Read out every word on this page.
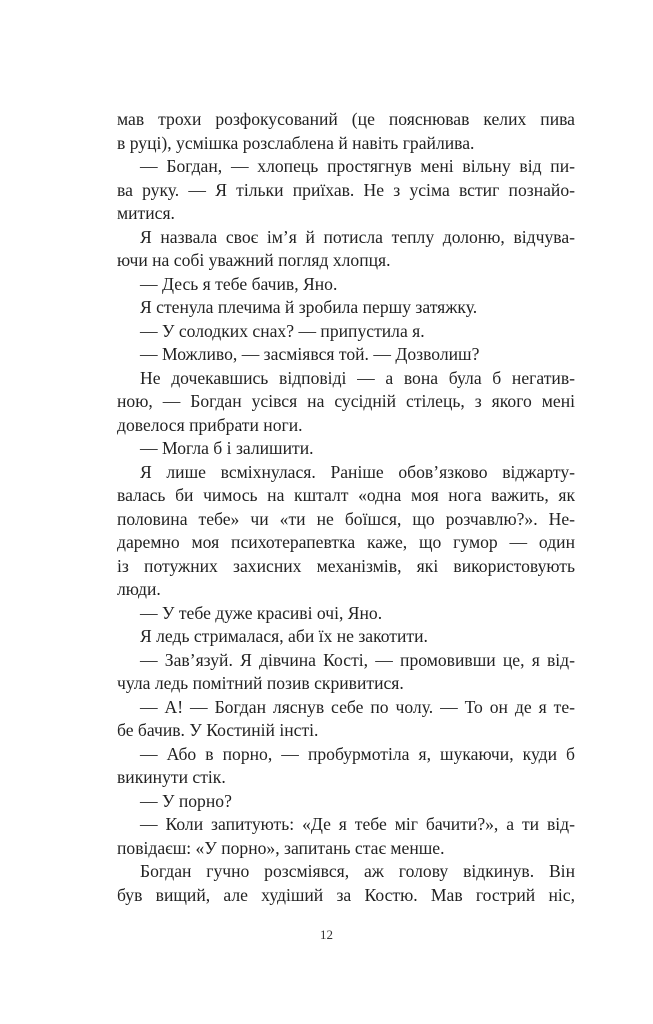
мав трохи розфокусований (це пояснював келих пива
в руці), усмішка розслаблена й навіть грайлива.
— Богдан, — хлопець простягнув мені вільну від пи-
ва руку. — Я тільки приїхав. Не з усіма встиг познайо-
митися.
Я назвала своє ім’я й потисла теплу долоню, відчува-
ючи на собі уважний погляд хлопця.
— Десь я тебе бачив, Яно.
Я стенула плечима й зробила першу затяжку.
— У солодких снах? — припустила я.
— Можливо, — засміявся той. — Дозволиш?
Не дочекавшись відповіді — а вона була б негатив-
ною, — Богдан усівся на сусідній стілець, з якого мені
довелося прибрати ноги.
— Могла б і залишити.
Я лише всміхнулася. Раніше обов’язково віджарту-
валась би чимось на кшталт «одна моя нога важить, як
половина тебе» чи «ти не боїшся, що розчавлю?». Не-
даремно моя психотерапевтка каже, що гумор — один
із потужних захисних механізмів, які використовують
люди.
— У тебе дуже красиві очі, Яно.
Я ледь стрималася, аби їх не закотити.
— Зав’язуй. Я дівчина Кості, — промовивши це, я від-
чула ледь помітний позив скривитися.
— А! — Богдан ляснув себе по чолу. — То он де я те-
бе бачив. У Костиній інсті.
— Або в порно, — пробурмотіла я, шукаючи, куди б
викинути стік.
— У порно?
— Коли запитують: «Де я тебе міг бачити?», а ти від-
повідаєш: «У порно», запитань стає менше.
Богдан гучно розсміявся, аж голову відкинув. Він
був вищий, але худіший за Костю. Мав гострий ніс,
12
